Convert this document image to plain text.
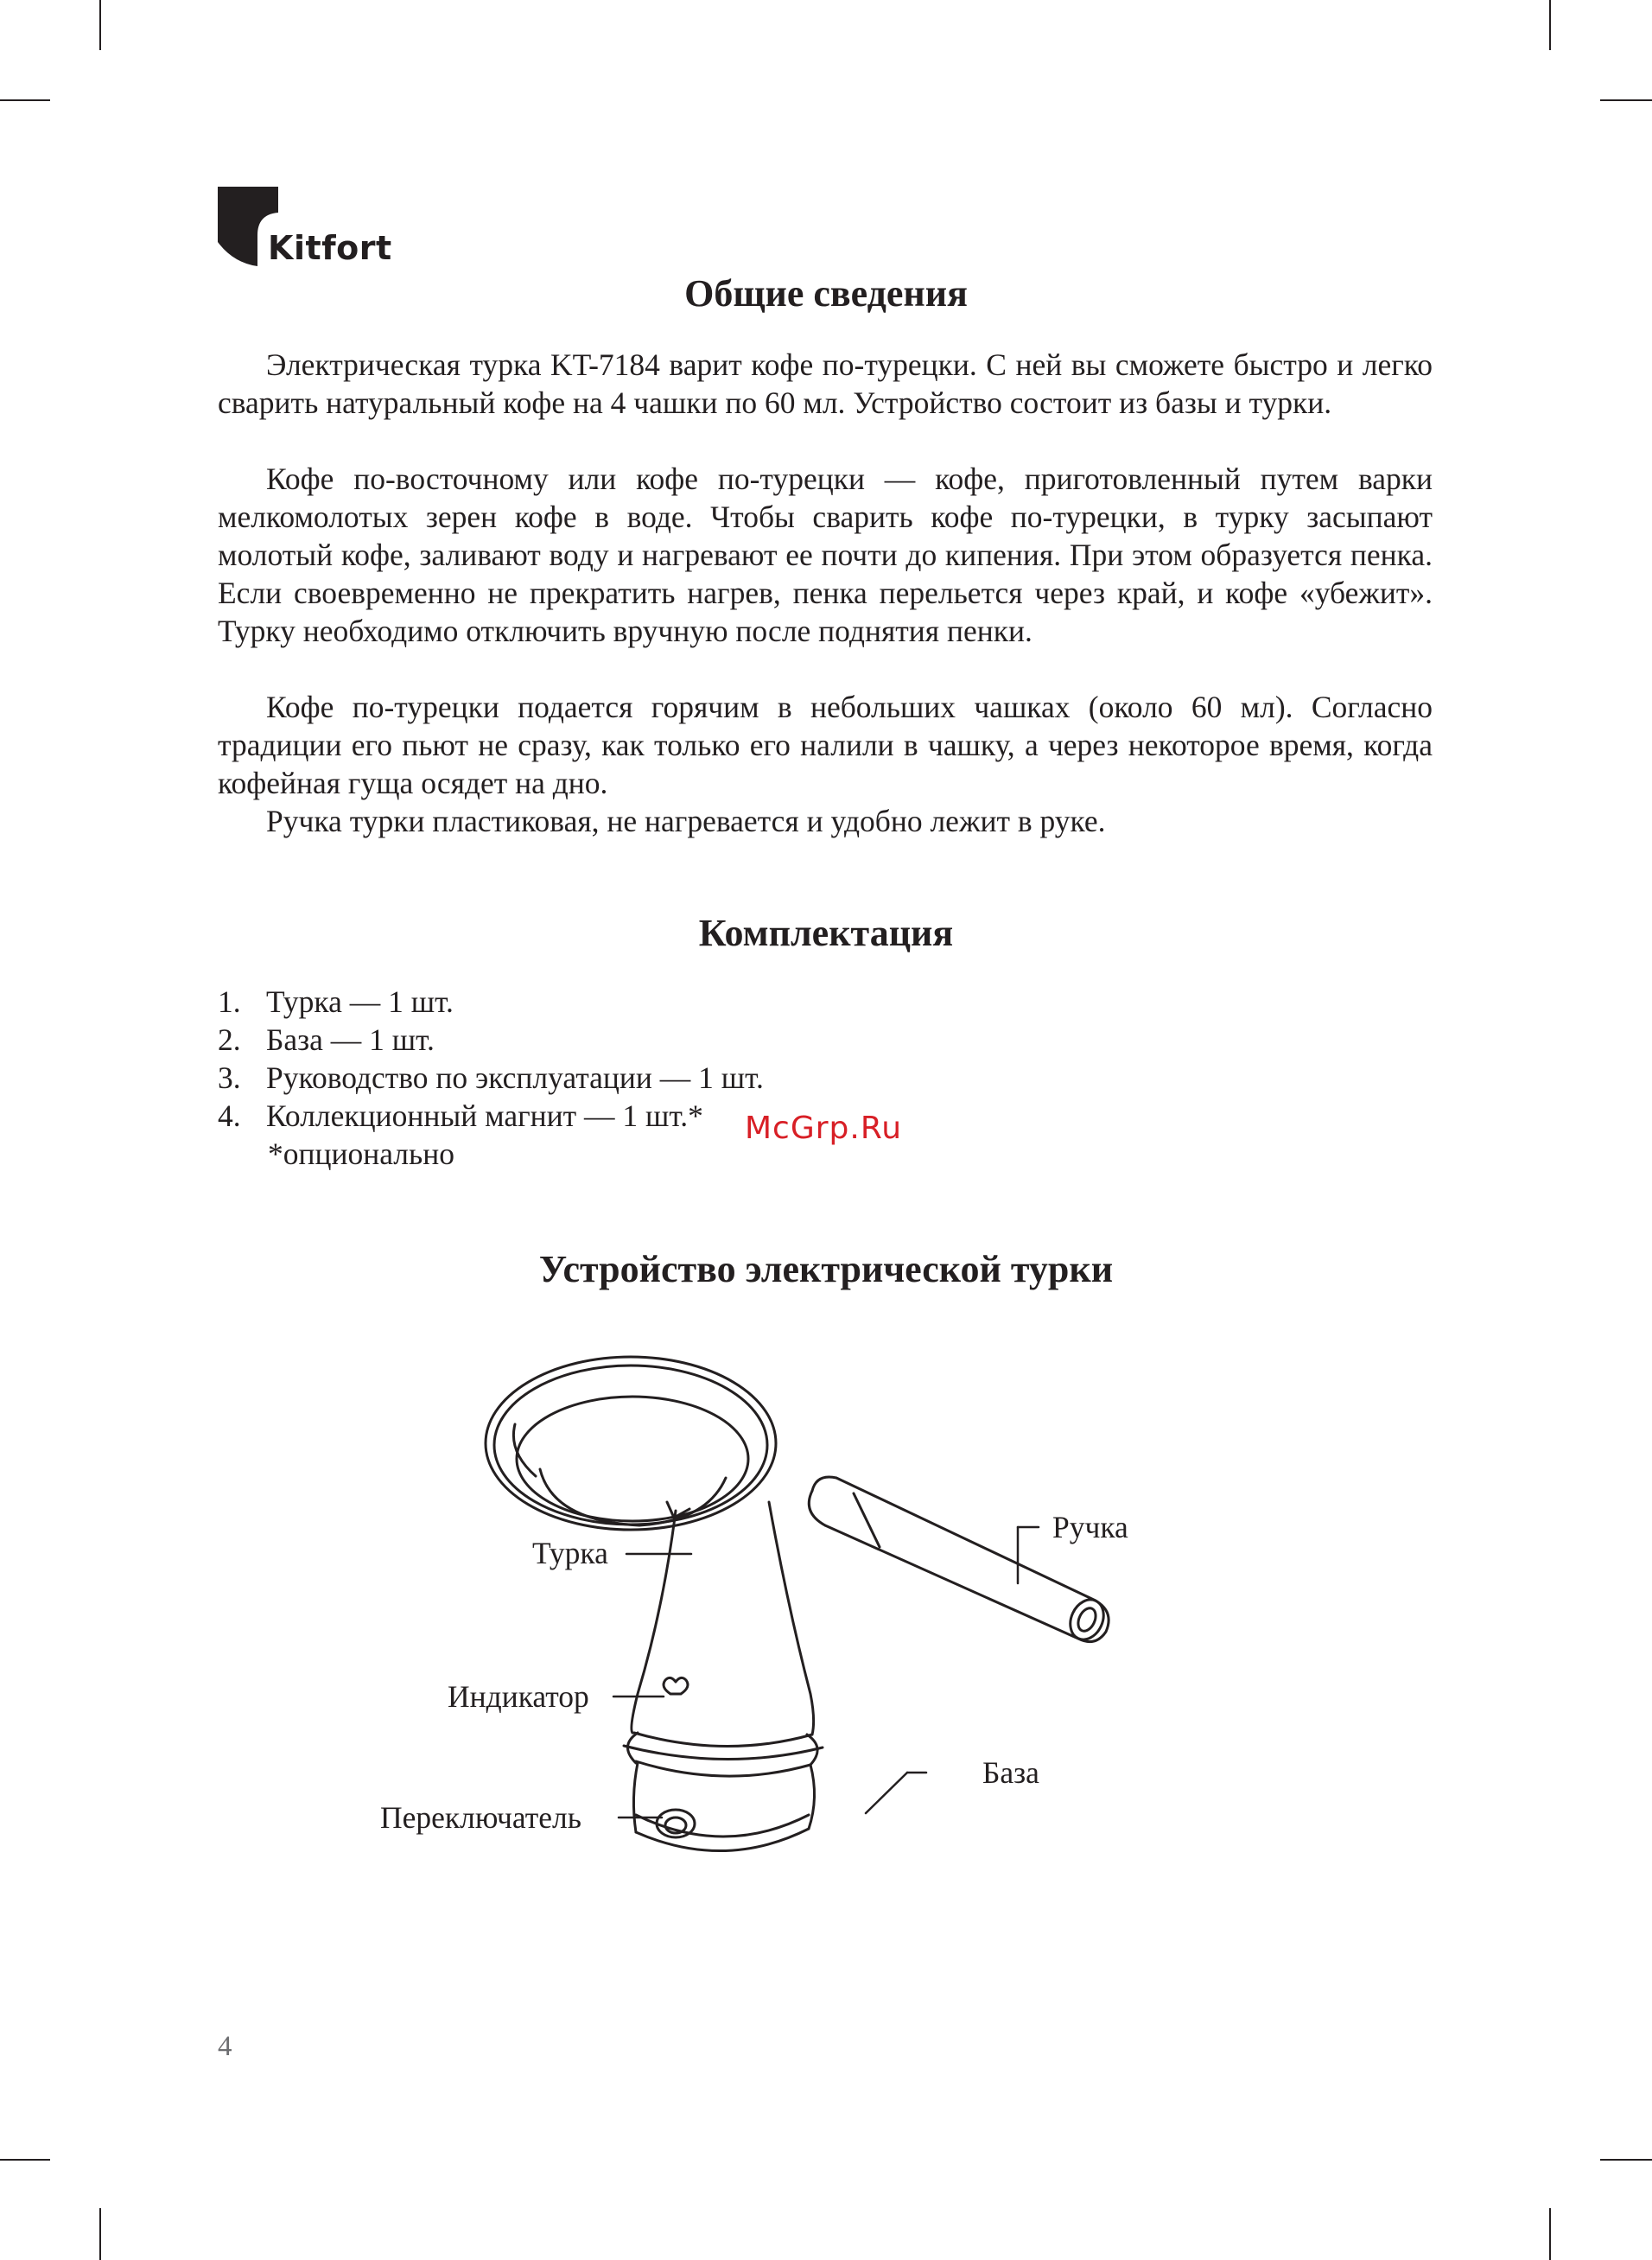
Kitfort
Общие сведения

Электрическая турка KT-7184 варит кофе по-турецки. С ней вы сможете быстро и легко сварить натуральный кофе на 4 чашки по 60 мл. Устройство состоит из базы и турки.

Кофе по-восточному или кофе по-турецки — кофе, приготовленный путем варки мелкомолотых зерен кофе в воде. Чтобы сварить кофе по-турецки, в турку засыпают молотый кофе, заливают воду и нагревают ее почти до кипения. При этом образуется пенка. Если своевременно не прекратить нагрев, пенка перельется через край, и кофе «убежит». Турку необходимо отключить вручную после поднятия пенки.

Кофе по-турецки подается горячим в небольших чашках (около 60 мл). Согласно традиции его пьют не сразу, как только его налили в чашку, а через некоторое время, когда кофейная гуща осядет на дно.

Ручка турки пластиковая, не нагревается и удобно лежит в руке.

Комплектация
1. Турка — 1 шт.
2. База — 1 шт.
3. Руководство по эксплуатации — 1 шт.
4. Коллекционный магнит — 1 шт.*
*опционально
McGrp.Ru
Устройство электрической турки
Турка
Ручка
Индикатор
База
Переключатель
4
